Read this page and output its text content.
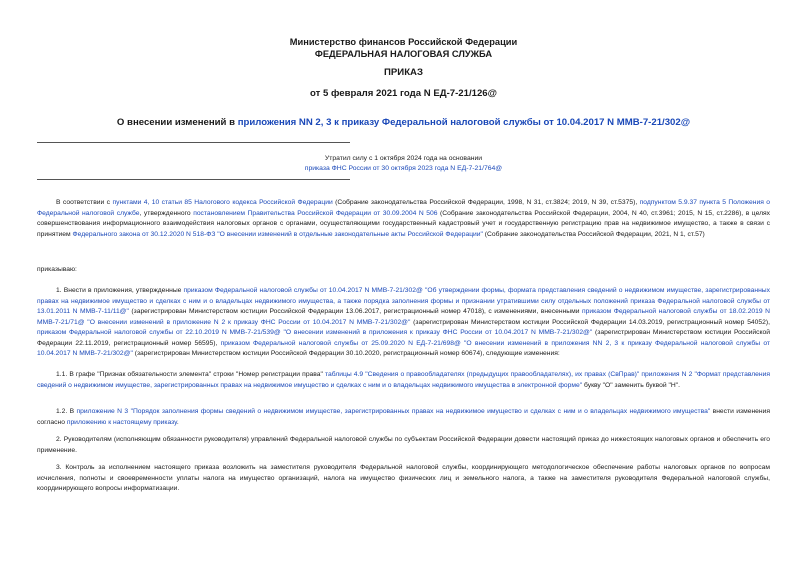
Министерство финансов Российской Федерации
ФЕДЕРАЛЬНАЯ НАЛОГОВАЯ СЛУЖБА
ПРИКАЗ
от 5 февраля 2021 года N ЕД-7-21/126@
О внесении изменений в приложения NN 2, 3 к приказу Федеральной налоговой службы от 10.04.2017 N ММВ-7-21/302@
Утратил силу с 1 октября 2024 года на основании
приказа ФНС России от 30 октября 2023 года N ЕД-7-21/764@

В соответствии с пунктами 4, 10 статьи 85 Налогового кодекса Российской Федерации (Собрание законодательства Российской Федерации, 1998, N 31, ст.3824; 2019, N 39, ст.5375), подпунктом 5.9.37 пункта 5 Положения о Федеральной налоговой службе, утвержденного постановлением Правительства Российской Федерации от 30.09.2004 N 506 (Собрание законодательства Российской Федерации, 2004, N 40, ст.3961; 2015, N 15, ст.2286), в целях совершенствования информационного взаимодействия налоговых органов с органами, осуществляющими государственный кадастровый учет и государственную регистрацию прав на недвижимое имущество, а также в связи с принятием Федерального закона от 30.12.2020 N 518-ФЗ "О внесении изменений в отдельные законодательные акты Российской Федерации" (Собрание законодательства Российской Федерации, 2021, N 1, ст.57)

приказываю:

1. Внести в приложения, утвержденные приказом Федеральной налоговой службы от 10.04.2017 N ММВ-7-21/302@ "Об утверждении формы, формата представления сведений о недвижимом имуществе, зарегистрированных правах на недвижимое имущество и сделках с ним и о владельцах недвижимого имущества, а также порядка заполнения формы и признании утратившими силу отдельных положений приказа Федеральной налоговой службы от 13.01.2011 N ММВ-7-11/11@" (зарегистрирован Министерством юстиции Российской Федерации 13.06.2017, регистрационный номер 47018), с изменениями, внесенными приказом Федеральной налоговой службы от 18.02.2019 N ММВ-7-21/71@ "О внесении изменений в приложение N 2 к приказу ФНС России от 10.04.2017 N ММВ-7-21/302@" (зарегистрирован Министерством юстиции Российской Федерации 14.03.2019, регистрационный номер 54052), приказом Федеральной налоговой службы от 22.10.2019 N ММВ-7-21/539@ "О внесении изменений в приложения к приказу ФНС России от 10.04.2017 N ММВ-7-21/302@" (зарегистрирован Министерством юстиции Российской Федерации 22.11.2019, регистрационный номер 56595), приказом Федеральной налоговой службы от 25.09.2020 N ЕД-7-21/698@ "О внесении изменений в приложения NN 2, 3 к приказу Федеральной налоговой службы от 10.04.2017 N ММВ-7-21/302@" (зарегистрирован Министерством юстиции Российской Федерации 30.10.2020, регистрационный номер 60674), следующие изменения:

1.1. В графе "Признак обязательности элемента" строки "Номер регистрации права" таблицы 4.9 "Сведения о правообладателях (предыдущих правообладателях), их правах (СвПрав)" приложения N 2 "Формат представления сведений о недвижимом имуществе, зарегистрированных правах на недвижимое имущество и сделках с ним и о владельцах недвижимого имущества в электронной форме" букву "О" заменить буквой "Н".

1.2. В приложение N 3 "Порядок заполнения формы сведений о недвижимом имуществе, зарегистрированных правах на недвижимое имущество и сделках с ним и о владельцах недвижимого имущества" внести изменения согласно приложению к настоящему приказу.

2. Руководителям (исполняющим обязанности руководителя) управлений Федеральной налоговой службы по субъектам Российской Федерации довести настоящий приказ до нижестоящих налоговых органов и обеспечить его применение.

3. Контроль за исполнением настоящего приказа возложить на заместителя руководителя Федеральной налоговой службы, координирующего методологическое обеспечение работы налоговых органов по вопросам исчисления, полноты и своевременности уплаты налога на имущество организаций, налога на имущество физических лиц и земельного налога, а также на заместителя руководителя Федеральной налоговой службы, координирующего вопросы информатизации.
